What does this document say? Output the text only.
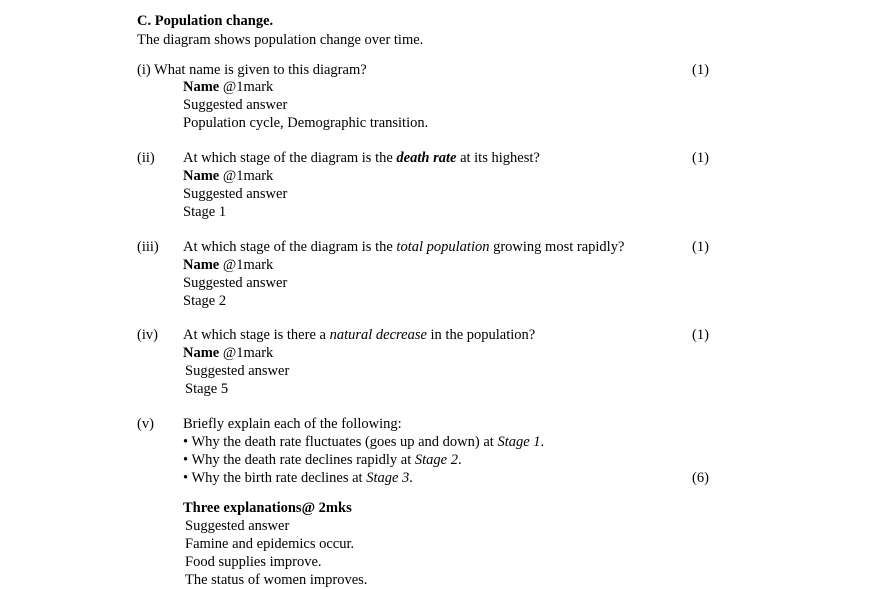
C. Population change.
The diagram shows population change over time.
(i) What name is given to this diagram?	(1)
Name @1mark
Suggested answer
Population cycle, Demographic transition.
(ii) At which stage of the diagram is the death rate at its highest?	(1)
Name @1mark
Suggested answer
Stage 1
(iii) At which stage of the diagram is the total population growing most rapidly?	(1)
Name @1mark
Suggested answer
Stage 2
(iv) At which stage is there a natural decrease in the population?	(1)
Name @1mark
Suggested answer
Stage 5
(v) Briefly explain each of the following:
• Why the death rate fluctuates (goes up and down) at Stage 1.
• Why the death rate declines rapidly at Stage 2.
• Why the birth rate declines at Stage 3.	(6)
Three explanations@ 2mks
Suggested answer
Famine and epidemics occur.
Food supplies improve.
The status of women improves.
